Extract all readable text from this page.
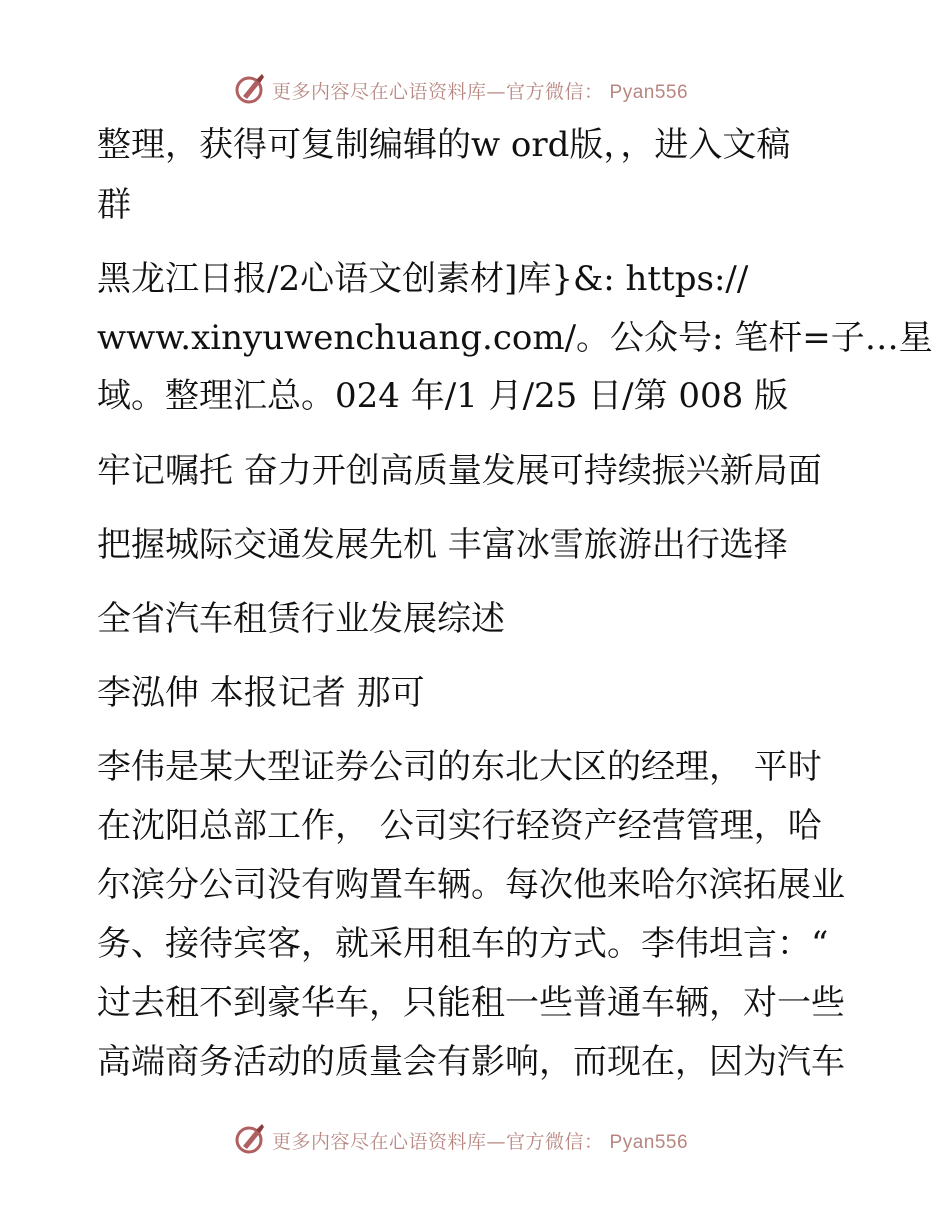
更多内容尽在心语资料库—官方微信： Pyan556
整理，获得可复制编辑的w ord版，，进入文稿
群
黑龙江日报/2心语文创素材]库}&: https://
www.xinyuwenchuang.com/。公众号: 笔杆=子…星
域。整理汇总。024 年/1 月/25 日/第 008 版
牢记嘱托 奋力开创高质量发展可持续振兴新局面
把握城际交通发展先机 丰富冰雪旅游出行选择
全省汽车租赁行业发展综述
李泓伸 本报记者 那可
李伟是某大型证券公司的东北大区的经理， 平时
在沈阳总部工作， 公司实行轻资产经营管理，哈
尔滨分公司没有购置车辆。每次他来哈尔滨拓展业
务、接待宾客，就采用租车的方式。李伟坦言：“
过去租不到豪华车，只能租一些普通车辆，对一些
高端商务活动的质量会有影响，而现在，因为汽车
更多内容尽在心语资料库—官方微信： Pyan556
